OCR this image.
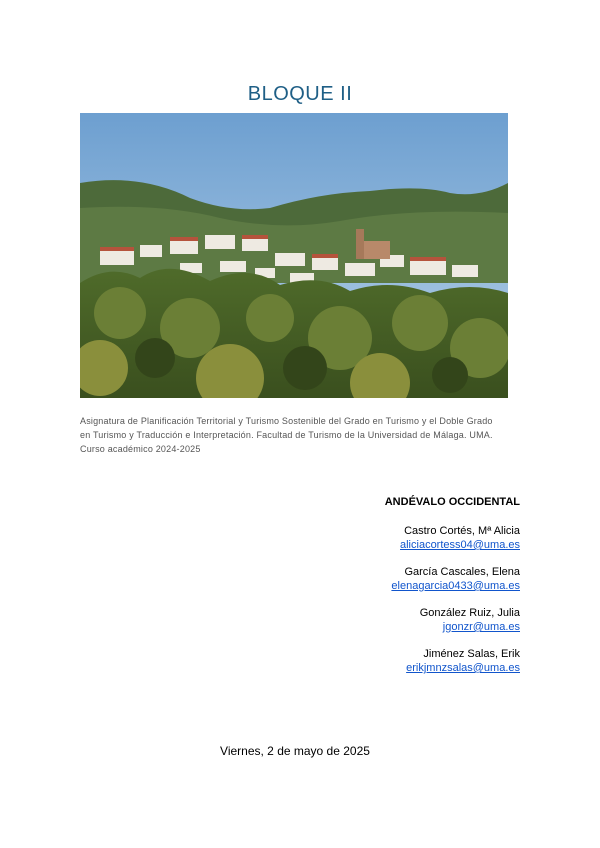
BLOQUE II
Asignatura de Planificación Territorial y Turismo Sostenible del Grado en Turismo y el Doble Grado
en Turismo y Traducción e Interpretación. Facultad de Turismo de la Universidad de Málaga. UMA.
Curso académico 2024-2025
ANDÉVALO OCCIDENTAL
Castro Cortés, Mª Alicia
aliciacortess04@uma.es
García Cascales, Elena
elenagarcia0433@uma.es
González Ruiz, Julia
jgonzr@uma.es
Jiménez Salas, Erik
erikjmnzsalas@uma.es
Viernes, 2 de mayo de 2025
